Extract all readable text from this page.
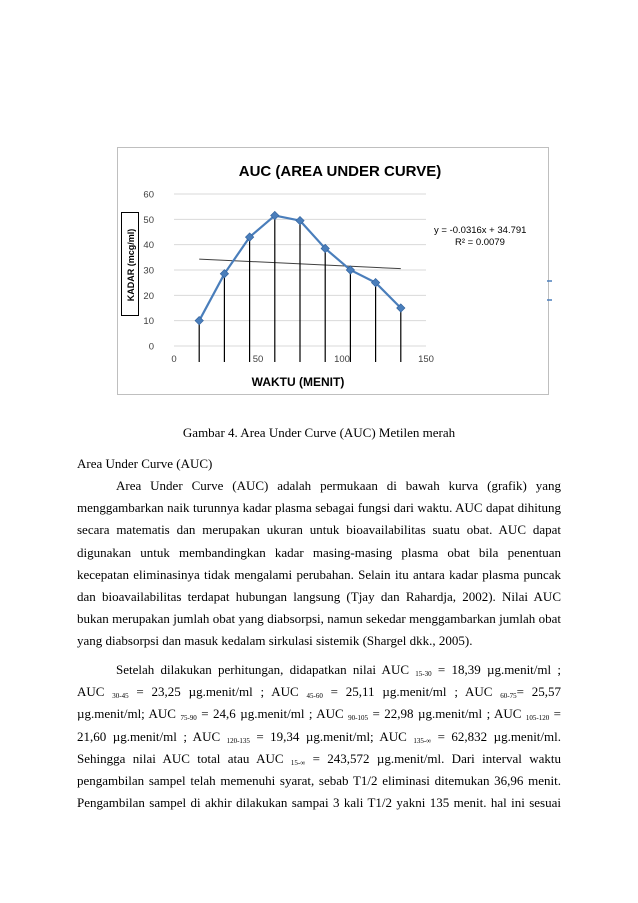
0
10
20
30
40
50
60
0	50	100	150
AUC (AREA UNDER CURVE)
WAKTU (MENIT)
y = -0.0316x + 34.791
R² = 0.0079
KADAR (mcg/ml)
Gambar 4. Area Under Curve (AUC) Metilen merah
Area Under Curve (AUC)

Area Under Curve (AUC) adalah permukaan di bawah kurva (grafik) yang

menggambarkan naik turunnya kadar plasma sebagai fungsi dari waktu. AUC dapat dihitung

secara matematis dan merupakan ukuran untuk bioavailabilitas suatu obat. AUC dapat

digunakan untuk membandingkan kadar masing-masing plasma obat bila penentuan

kecepatan eliminasinya tidak mengalami perubahan. Selain itu antara kadar plasma puncak

dan bioavailabilitas terdapat hubungan langsung (Tjay dan Rahardja, 2002). Nilai AUC

bukan merupakan jumlah obat yang diabsorpsi, namun sekedar menggambarkan jumlah obat

yang diabsorpsi dan masuk kedalam sirkulasi sistemik (Shargel dkk., 2005).

Setelah dilakukan perhitungan, didapatkan nilai AUC $_{15-30}$ = 18,39 µg.menit/ml ;

AUC $_{30-45}$ = 23,25 µg.menit/ml ; AUC $_{45-60}$ = 25,11 µg.menit/ml ; AUC $_{60-75}$= 25,57

µg.menit/ml; AUC $_{75-90}$ = 24,6 µg.menit/ml ; AUC $_{90-105}$ = 22,98 µg.menit/ml ; AUC $_{105-120}$ =

21,60 µg.menit/ml ; AUC $_{120-135}$ = 19,34 µg.menit/ml; AUC $_{135-\infty}$ = 62,832 µg.menit/ml.

Sehingga nilai AUC total atau AUC $_{15-\infty}$ = 243,572 µg.menit/ml. Dari interval waktu

pengambilan sampel telah memenuhi syarat, sebab T1/2 eliminasi ditemukan 36,96 menit.

Pengambilan sampel di akhir dilakukan sampai 3 kali T1/2 yakni 135 menit. hal ini sesuai
